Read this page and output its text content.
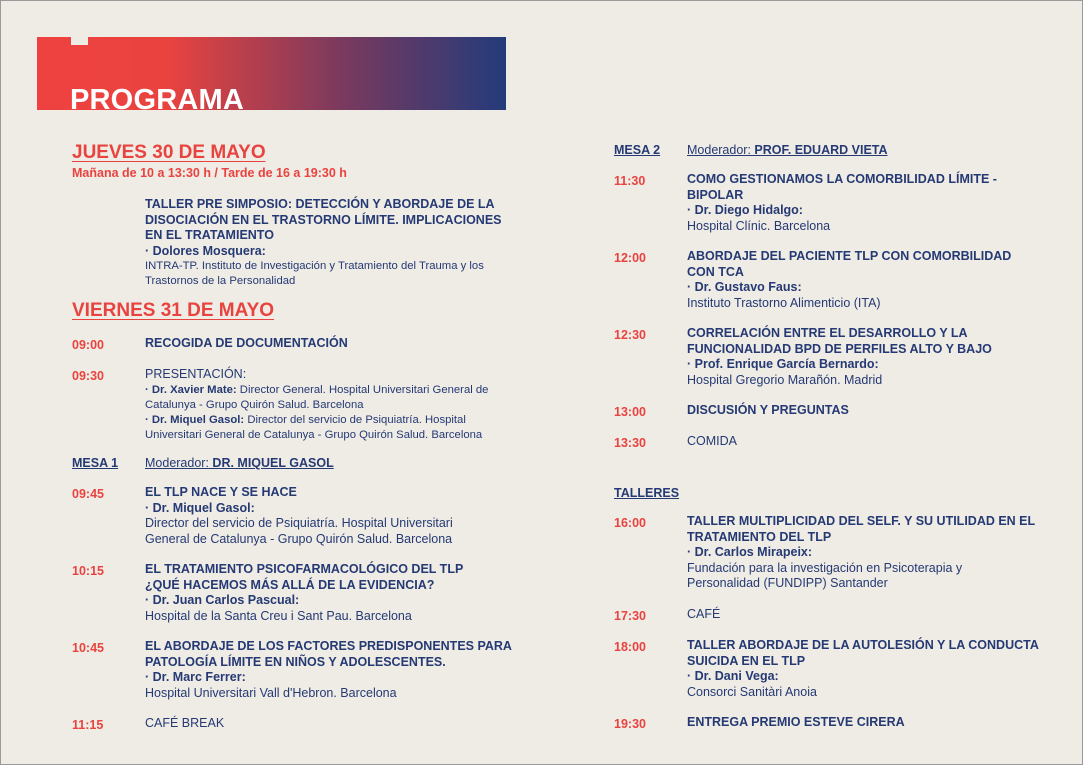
PROGRAMA
JUEVES 30 DE MAYO
Mañana de 10 a 13:30 h / Tarde de 16 a 19:30 h
TALLER PRE SIMPOSIO: DETECCIÓN Y ABORDAJE DE LA
DISOCIACIÓN EN EL TRASTORNO LÍMITE. IMPLICACIONES
EN EL TRATAMIENTO
· Dolores Mosquera:
INTRA-TP. Instituto de Investigación y Tratamiento del Trauma y los
Trastornos de la Personalidad
VIERNES 31 DE MAYO
09:00	RECOGIDA DE DOCUMENTACIÓN
09:30	PRESENTACIÓN:
· Dr. Xavier Mate: Director General. Hospital Universitari General de
Catalunya - Grupo Quirón Salud. Barcelona
· Dr. Miquel Gasol: Director del servicio de Psiquiatría. Hospital
Universitari General de Catalunya - Grupo Quirón Salud. Barcelona
MESA 1 Moderador: DR. MIQUEL GASOL
09:45	EL TLP NACE Y SE HACE
· Dr. Miquel Gasol:
Director del servicio de Psiquiatría. Hospital Universitari
General de Catalunya - Grupo Quirón Salud. Barcelona
10:15	EL TRATAMIENTO PSICOFARMACOLÓGICO DEL TLP
¿QUÉ HACEMOS MÁS ALLÁ DE LA EVIDENCIA?
· Dr. Juan Carlos Pascual:
Hospital de la Santa Creu i Sant Pau. Barcelona
10:45	EL ABORDAJE DE LOS FACTORES PREDISPONENTES PARA
PATOLOGÍA LÍMITE EN NIÑOS Y ADOLESCENTES.
· Dr. Marc Ferrer:
Hospital Universitari Vall d'Hebron. Barcelona
11:15	CAFÉ BREAK
MESA 2 Moderador: PROF. EDUARD VIETA
11:30	COMO GESTIONAMOS LA COMORBILIDAD LÍMITE -
BIPOLAR
· Dr. Diego Hidalgo:
Hospital Clínic. Barcelona
12:00	ABORDAJE DEL PACIENTE TLP CON COMORBILIDAD
CON TCA
· Dr. Gustavo Faus:
Instituto Trastorno Alimenticio (ITA)
12:30	CORRELACIÓN ENTRE EL DESARROLLO Y LA
FUNCIONALIDAD BPD DE PERFILES ALTO Y BAJO
· Prof. Enrique García Bernardo:
Hospital Gregorio Marañón. Madrid
13:00	DISCUSIÓN Y PREGUNTAS
13:30	COMIDA
TALLERES
16:00	TALLER MULTIPLICIDAD DEL SELF. Y SU UTILIDAD EN EL
TRATAMIENTO DEL TLP
· Dr. Carlos Mirapeix:
Fundación para la investigación en Psicoterapia y
Personalidad (FUNDIPP) Santander
17:30	CAFÉ
18:00	TALLER ABORDAJE DE LA AUTOLESIÓN Y LA CONDUCTA
SUICIDA EN EL TLP
· Dr. Dani Vega:
Consorci Sanitàri Anoia
19:30	ENTREGA PREMIO ESTEVE CIRERA
